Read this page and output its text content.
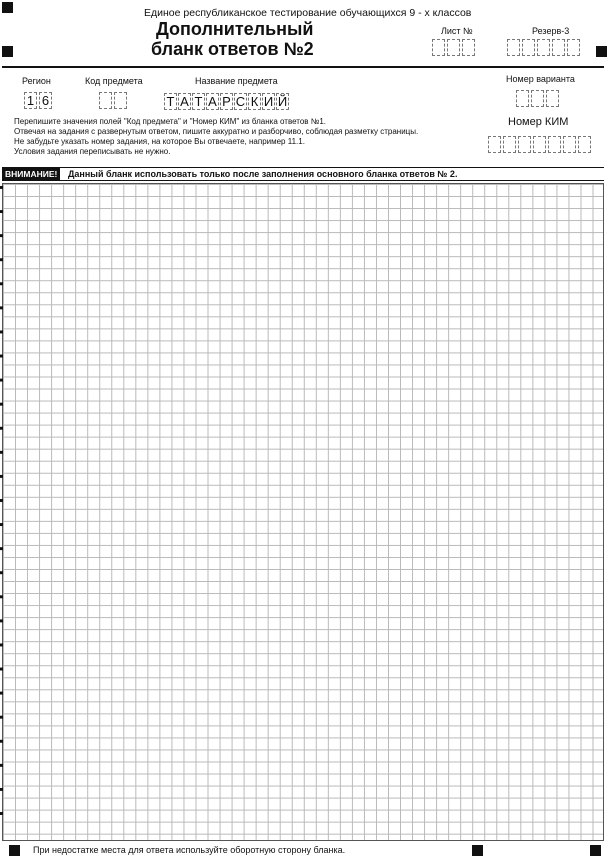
Единое республиканское тестирование обучающихся 9 - х классов
Дополнительный
бланк ответов №2
Лист №	Резерв-3
Регион
1 6
Код предмета	Название предмета
Т А Т А Р С К И Й
Номер варианта
Номер КИМ
Перепишите значения полей "Код предмета" и "Номер КИМ" из бланка ответов №1.
Отвечая на задания с развернутым ответом, пишите аккуратно и разборчиво, соблюдая разметку страницы.
Не забудьте указать номер задания, на которое Вы отвечаете, например 11.1.
Условия задания переписывать не нужно.
ВНИМАНИЕ!	Данный бланк использовать только после заполнения основного бланка ответов № 2.
При недостатке места для ответа используйте оборотную сторону бланка.
